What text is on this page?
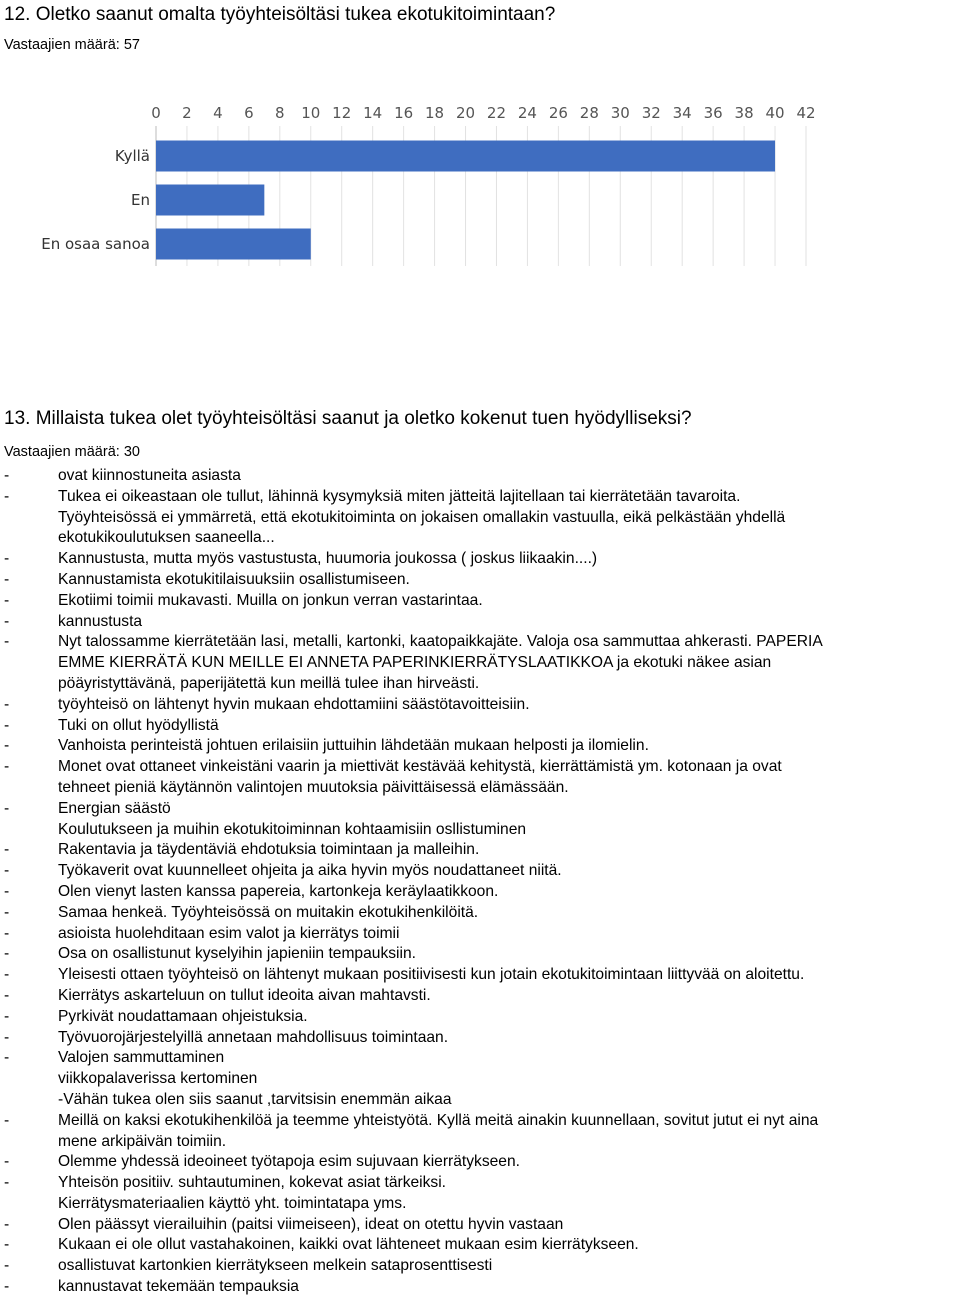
12. Oletko saanut omalta työyhteisöltäsi tukea ekotukitoimintaan?
Vastaajien määrä: 57
0 2 4 6 8 10 12 14 16 18 20 22 24 26 28 30 32 34 36 38 40 42
Kyllä
En
En osaa sanoa
13. Millaista tukea olet työyhteisöltäsi saanut ja oletko kokenut tuen hyödylliseksi?
Vastaajien määrä: 30
-	ovat kiinnostuneita asiasta
-	Tukea ei oikeastaan ole tullut, lähinnä kysymyksiä miten jätteitä lajitellaan tai kierrätetään tavaroita.
Työyhteisössä ei ymmärretä, että ekotukitoiminta on jokaisen omallakin vastuulla, eikä pelkästään yhdellä
ekotukikoulutuksen saaneella...
-	Kannustusta, mutta myös vastustusta, huumoria joukossa ( joskus liikaakin....)
-	Kannustamista ekotukitilaisuuksiin osallistumiseen.
-	Ekotiimi toimii mukavasti. Muilla on jonkun verran vastarintaa.
-	kannustusta
-	Nyt talossamme kierrätetään lasi, metalli, kartonki, kaatopaikkajäte. Valoja osa sammuttaa ahkerasti. PAPERIA
EMME KIERRÄTÄ KUN MEILLE EI ANNETA PAPERINKIERRÄTYSLAATIKKOA ja ekotuki näkee asian
pöäyristyttävänä, paperijätettä kun meillä tulee ihan hirveästi.
-	työyhteisö on lähtenyt hyvin mukaan ehdottamiini säästötavoitteisiin.
-	Tuki on ollut hyödyllistä
-	Vanhoista perinteistä johtuen erilaisiin juttuihin lähdetään mukaan helposti ja ilomielin.
-	Monet ovat ottaneet vinkeistäni vaarin ja miettivät kestävää kehitystä, kierrättämistä ym. kotonaan ja ovat
tehneet pieniä käytännön valintojen muutoksia päivittäisessä elämässään.
-	Energian säästö
Koulutukseen ja muihin ekotukitoiminnan kohtaamisiin osllistuminen
-	Rakentavia ja täydentäviä ehdotuksia toimintaan ja malleihin.
-	Työkaverit ovat kuunnelleet ohjeita ja aika hyvin myös noudattaneet niitä.
-	Olen vienyt lasten kanssa papereia, kartonkeja keräylaatikkoon.
-	Samaa henkeä. Työyhteisössä on muitakin ekotukihenkilöitä.
-	asioista huolehditaan esim valot ja kierrätys toimii
-	Osa on osallistunut kyselyihin japieniin tempauksiin.
-	Yleisesti ottaen työyhteisö on lähtenyt mukaan positiivisesti kun jotain ekotukitoimintaan liittyvää on aloitettu.
-	Kierrätys askarteluun on tullut ideoita aivan mahtavsti.
-	Pyrkivät noudattamaan ohjeistuksia.
-	Työvuorojärjestelyillä annetaan mahdollisuus toimintaan.
-	Valojen sammuttaminen
viikkopalaverissa kertominen
-Vähän tukea olen siis saanut ,tarvitsisin enemmän aikaa
-	Meillä on kaksi ekotukihenkilöä ja teemme yhteistyötä. Kyllä meitä ainakin kuunnellaan, sovitut jutut ei nyt aina
mene arkipäivän toimiin.
-	Olemme yhdessä ideoineet työtapoja esim sujuvaan kierrätykseen.
-	Yhteisön positiiv. suhtautuminen, kokevat asiat tärkeiksi.
Kierrätysmateriaalien käyttö yht. toimintatapa yms.
-	Olen päässyt vierailuihin (paitsi viimeiseen), ideat on otettu hyvin vastaan
-	Kukaan ei ole ollut vastahakoinen, kaikki ovat lähteneet mukaan esim kierrätykseen.
-	osallistuvat kartonkien kierrätykseen melkein sataprosenttisesti
-	kannustavat tekemään tempauksia
